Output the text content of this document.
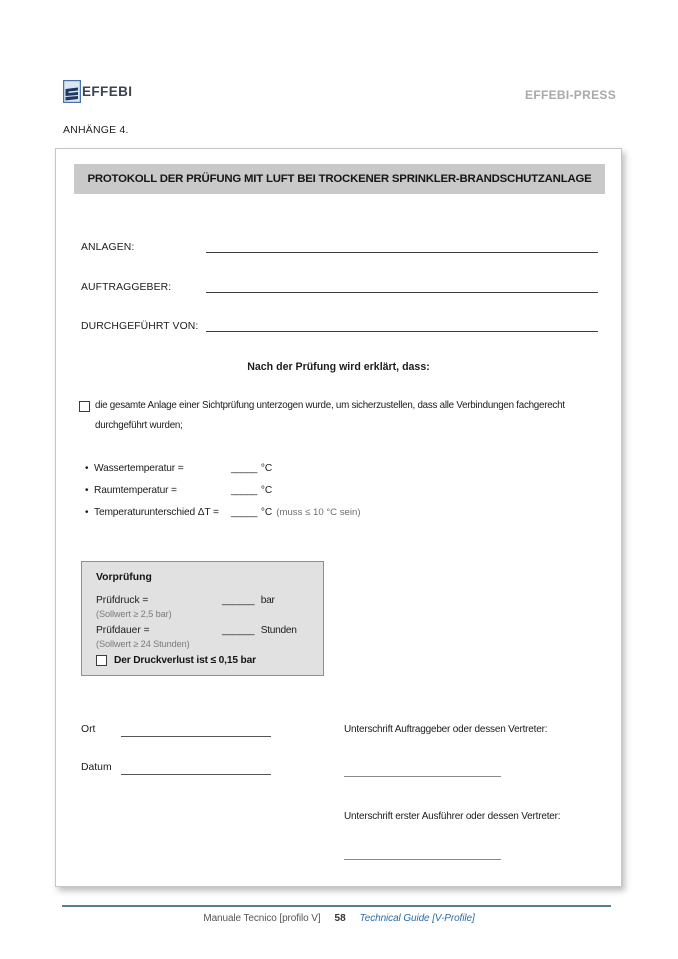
EFFEBI	EFFEBI-PRESS
ANHÄNGE 4.
PROTOKOLL DER PRÜFUNG MIT LUFT BEI TROCKENER SPRINKLER-BRANDSCHUTZANLAGE
ANLAGEN:
AUFTRAGGEBER:
DURCHGEFÜHRT VON:
Nach der Prüfung wird erklärt, dass:
die gesamte Anlage einer Sichtprüfung unterzogen wurde, um sicherzustellen, dass alle Verbindungen fachgerecht
durchgeführt wurden;
• Wassertemperatur =	_____ °C
• Raumtemperatur =	_____ °C
• Temperaturunterschied ΔT =	_____ °C (muss ≤ 10 °C sein)
Vorprüfung
Prüfdruck =	______ bar
(Sollwert ≥ 2,5 bar)
Prüfdauer =	______ Stunden
(Sollwert ≥ 24 Stunden)
Der Druckverlust ist ≤ 0,15 bar
Ort
Datum
Unterschrift Auftraggeber oder dessen Vertreter:
Unterschrift erster Ausführer oder dessen Vertreter:
Manuale Tecnico [profilo V] 58 Technical Guide [V-Profile]
